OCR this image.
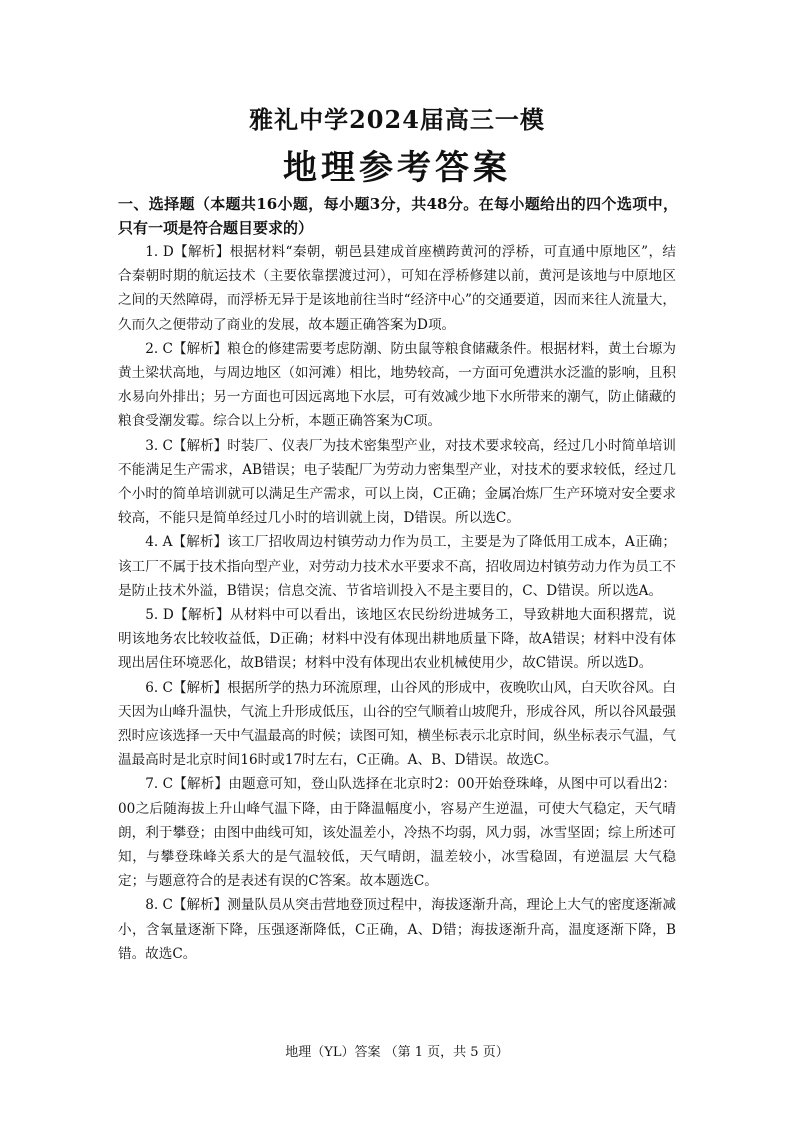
雅礼中学2024届高三一模
地理参考答案
一、选择题（本题共16小题，每小题3分，共48分。在每小题给出的四个选项中，只有一项是符合题目要求的）

1. D【解析】根据材料“秦朝，朝邑县建成首座横跨黄河的浮桥，可直通中原地区”，结合秦朝时期的航运技术（主要依靠摆渡过河），可知在浮桥修建以前，黄河是该地与中原地区之间的天然障碍，而浮桥无异于是该地前往当时“经济中心”的交通要道，因而来往人流量大，久而久之便带动了商业的发展，故本题正确答案为D项。

2. C【解析】粮仓的修建需要考虑防潮、防虫鼠等粮食储藏条件。根据材料，黄土台塬为黄土梁状高地，与周边地区（如河滩）相比，地势较高，一方面可免遭洪水泛滥的影响，且积水易向外排出；另一方面也可因远离地下水层，可有效减少地下水所带来的潮气，防止储藏的粮食受潮发霉。综合以上分析，本题正确答案为C项。

3. C【解析】时装厂、仪表厂为技术密集型产业，对技术要求较高，经过几小时简单培训不能满足生产需求，AB错误；电子装配厂为劳动力密集型产业，对技术的要求较低，经过几个小时的简单培训就可以满足生产需求，可以上岗，C正确；金属冶炼厂生产环境对安全要求较高，不能只是简单经过几小时的培训就上岗，D错误。所以选C。

4. A【解析】该工厂招收周边村镇劳动力作为员工，主要是为了降低用工成本，A正确；该工厂不属于技术指向型产业，对劳动力技术水平要求不高，招收周边村镇劳动力作为员工不是防止技术外溢，B错误；信息交流、节省培训投入不是主要目的，C、D错误。所以选A。

5. D【解析】从材料中可以看出，该地区农民纷纷进城务工，导致耕地大面积撂荒，说明该地务农比较收益低，D正确；材料中没有体现出耕地质量下降，故A错误；材料中没有体现出居住环境恶化，故B错误；材料中没有体现出农业机械使用少，故C错误。所以选D。

6. C【解析】根据所学的热力环流原理，山谷风的形成中，夜晚吹山风，白天吹谷风。白天因为山峰升温快，气流上升形成低压，山谷的空气顺着山坡爬升，形成谷风，所以谷风最强烈时应该选择一天中气温最高的时候；读图可知，横坐标表示北京时间，纵坐标表示气温，气温最高时是北京时间16时或17时左右，C正确。A、B、D错误。故选C。

7. C【解析】由题意可知，登山队选择在北京时2：00开始登珠峰，从图中可以看出2：00之后随海拔上升山峰气温下降，由于降温幅度小，容易产生逆温，可使大气稳定，天气晴朗，利于攀登；由图中曲线可知，该处温差小，冷热不均弱，风力弱，冰雪坚固；综上所述可知，与攀登珠峰关系大的是气温较低，天气晴朗，温差较小，冰雪稳固，有逆温层 大气稳定；与题意符合的是表述有误的C答案。故本题选C。

8. C【解析】测量队员从突击营地登顶过程中，海拔逐渐升高，理论上大气的密度逐渐减小，含氧量逐渐下降，压强逐渐降低，C正确，A、D错；海拔逐渐升高，温度逐渐下降，B错。故选C。

地理（YL）答案 （第 1 页，共 5 页）
